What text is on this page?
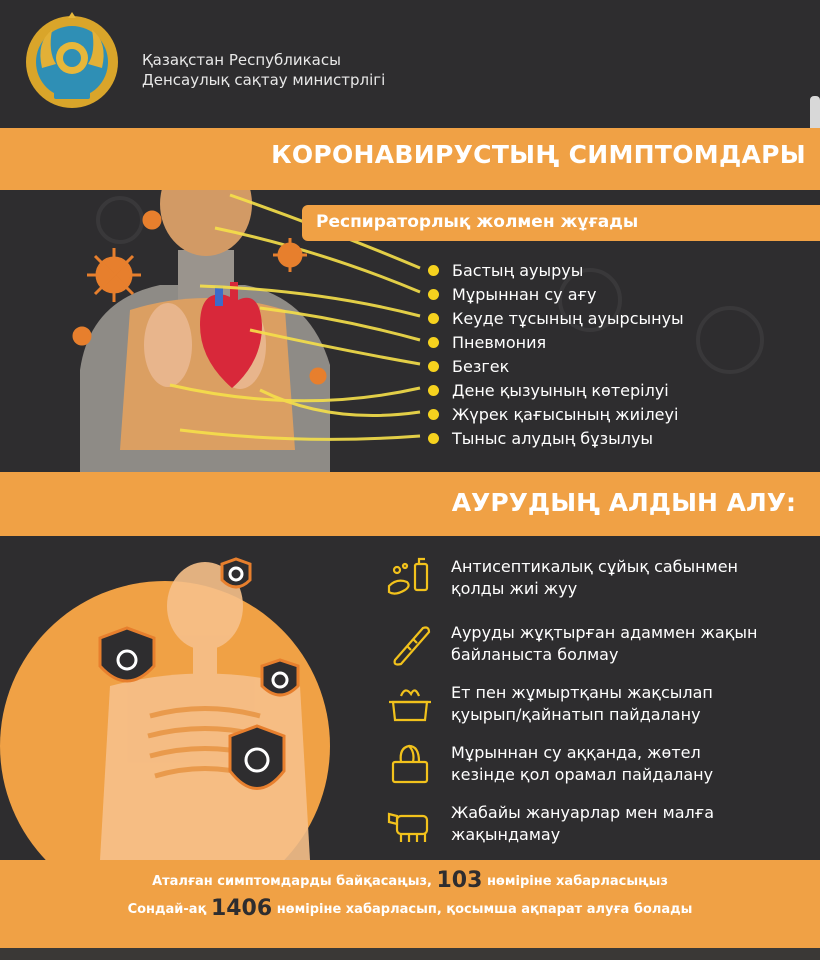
Қазақстан Республикасы
Денсаулық сақтау министрлігі
КОРОНАВИРУСТЫҢ СИМПТОМДАРЫ
Респираторлық жолмен жұғады
Бастың ауыруы
Мұрыннан су ағу
Кеуде тұсының ауырсынуы
Пневмония
Безгек
Дене қызуының көтерілуі
Жүрек қағысының жиілеуі
Тыныс алудың бұзылуы
АУРУДЫҢ АЛДЫН АЛУ:
Антисептикалық сұйық сабынмен
қолды жиі жуу
Ауруды жұқтырған адаммен жақын
байланыста болмау
Ет пен жұмыртқаны жақсылап
қуырып/қайнатып пайдалану
Мұрыннан су аққанда, жөтел
кезінде қол орамал пайдалану
Жабайы жануарлар мен малға
жақындамау
Аталған симптомдарды байқасаңыз, 103 нөміріне хабарласыңыз
Сондай-ақ 1406 нөміріне хабарласып, қосымша ақпарат алуға болады
